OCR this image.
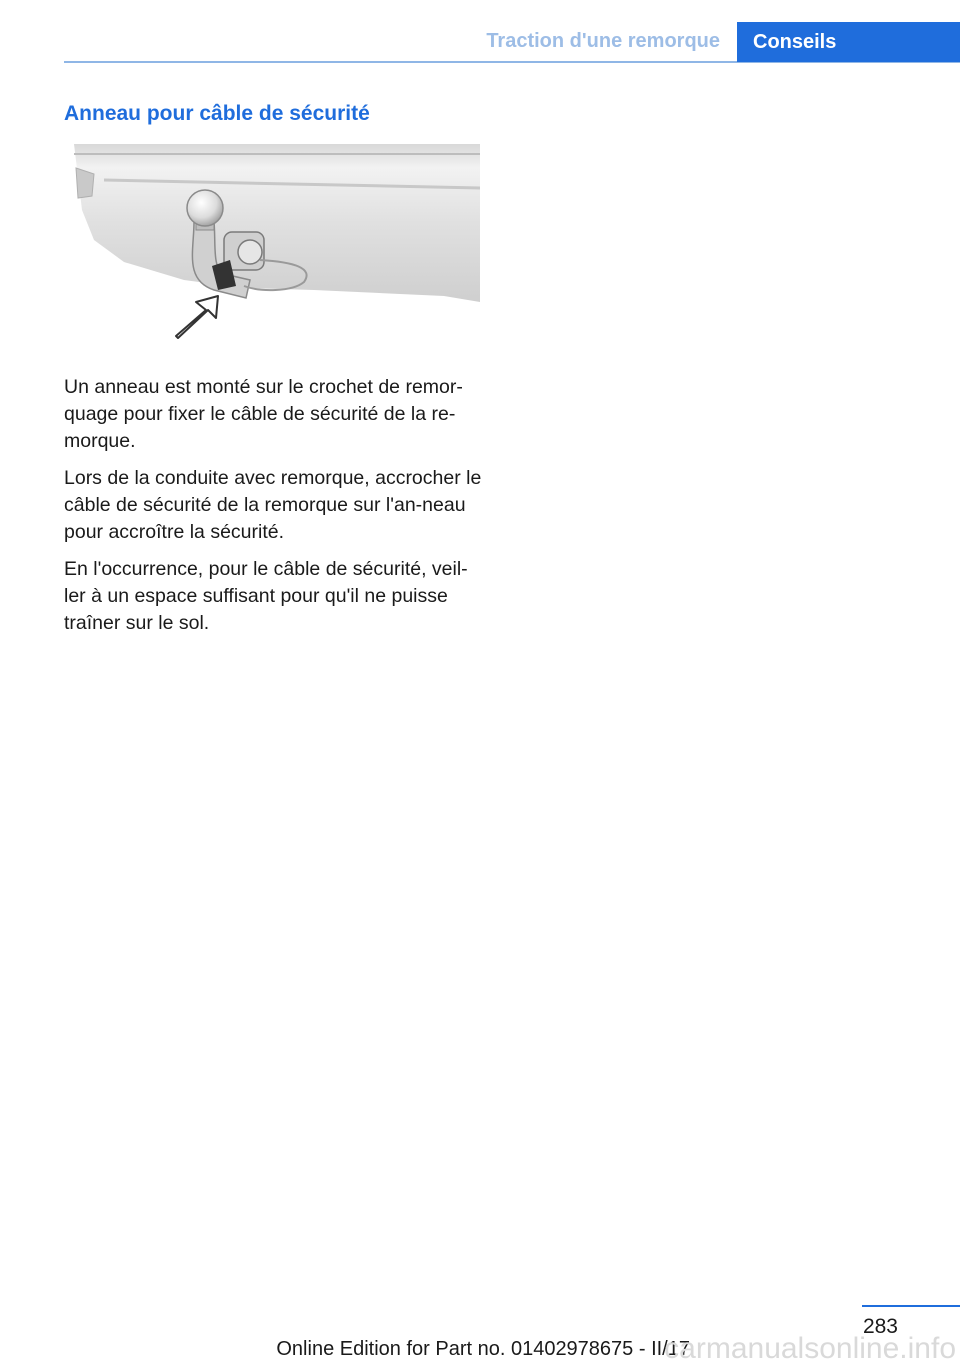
Traction d'une remorque	Conseils
Anneau pour câble de sécurité

Un anneau est monté sur le crochet de remor-quage pour fixer le câble de sécurité de la re-morque.

Lors de la conduite avec remorque, accrocher le câble de sécurité de la remorque sur l'an-neau pour accroître la sécurité.

En l'occurrence, pour le câble de sécurité, veil-ler à un espace suffisant pour qu'il ne puisse traîner sur le sol.

283
Online Edition for Part no. 01402978675 - II/17
carmanualsonline.info
